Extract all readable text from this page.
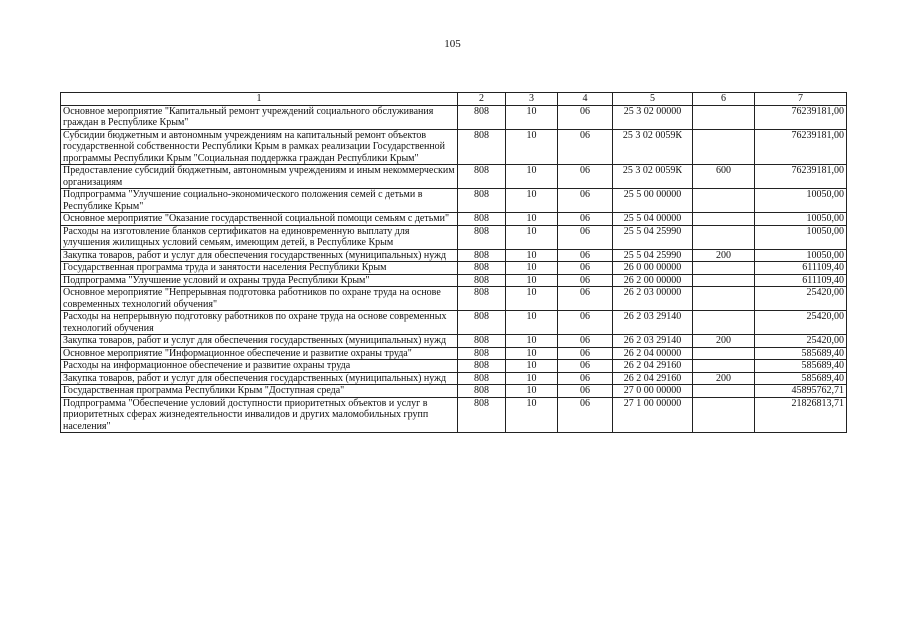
105
1	2	3	4	5	6	7
Основное мероприятие "Капитальный ремонт учреждений социального обслуживания граждан в Республике Крым"	808	10	06	25 3 02 00000		76239181,00
Субсидии бюджетным и автономным учреждениям на капитальный ремонт объектов государственной собственности Республики Крым в рамках реализации Государственной программы Республики Крым "Социальная поддержка граждан Республики Крым"	808	10	06	25 3 02 0059К		76239181,00
Предоставление субсидий бюджетным, автономным учреждениям и иным некоммерческим организациям	808	10	06	25 3 02 0059К	600	76239181,00
Подпрограмма "Улучшение социально-экономического положения семей с детьми в Республике Крым"	808	10	06	25 5 00 00000		10050,00
Основное мероприятие "Оказание государственной социальной помощи семьям с детьми"	808	10	06	25 5 04 00000		10050,00
Расходы на изготовление бланков сертификатов на единовременную выплату для улучшения жилищных условий семьям, имеющим детей, в Республике Крым	808	10	06	25 5 04 25990		10050,00
Закупка товаров, работ и услуг для обеспечения государственных (муниципальных) нужд	808	10	06	25 5 04 25990	200	10050,00
Государственная программа труда и занятости населения Республики Крым	808	10	06	26 0 00 00000		611109,40
Подпрограмма "Улучшение условий и охраны труда Республики Крым"	808	10	06	26 2 00 00000		611109,40
Основное мероприятие "Непрерывная подготовка работников по охране труда на основе современных технологий обучения"	808	10	06	26 2 03 00000		25420,00
Расходы на непрерывную подготовку работников по охране труда на основе современных технологий обучения	808	10	06	26 2 03 29140		25420,00
Закупка товаров, работ и услуг для обеспечения государственных (муниципальных) нужд	808	10	06	26 2 03 29140	200	25420,00
Основное мероприятие "Информационное обеспечение и развитие охраны труда"	808	10	06	26 2 04 00000		585689,40
Расходы на информационное обеспечение и развитие охраны труда	808	10	06	26 2 04 29160		585689,40
Закупка товаров, работ и услуг для обеспечения государственных (муниципальных) нужд	808	10	06	26 2 04 29160	200	585689,40
Государственная программа Республики Крым "Доступная среда"	808	10	06	27 0 00 00000		45895762,71
Подпрограмма "Обеспечение условий доступности приоритетных объектов и услуг в приоритетных сферах жизнедеятельности инвалидов и других маломобильных групп населения"	808	10	06	27 1 00 00000		21826813,71
